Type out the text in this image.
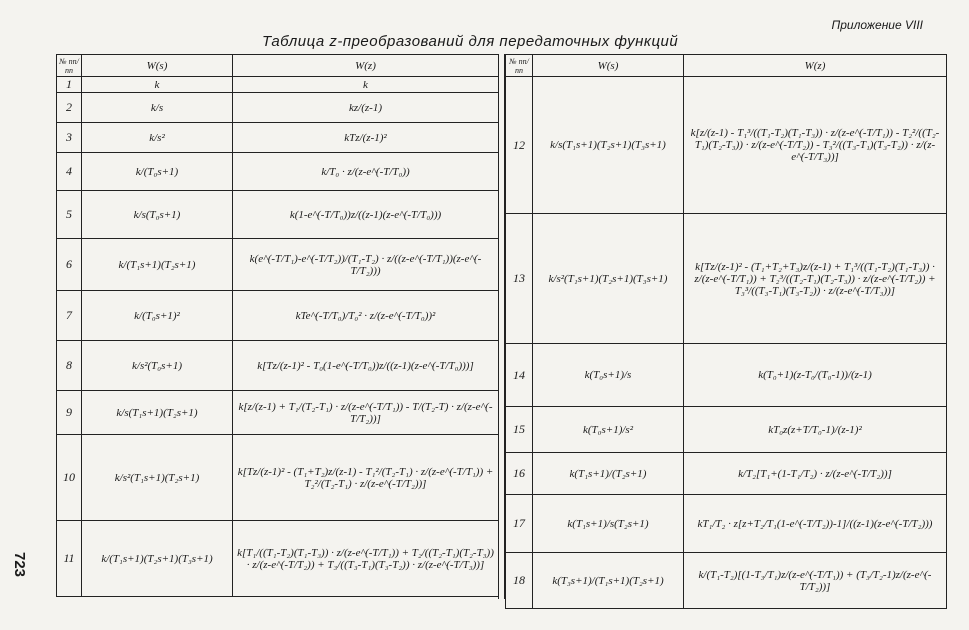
Приложение VIII
Таблица z-преобразований для передаточных функций
723
№ пп/пп	W(s)	W(z)
1	k	k
2	k/s	kz/(z-1)
3	k/s²	kTz/(z-1)²
4	k/(T₀s+1)	k/T₀ · z/(z-e^(-T/T₀))
5	k/s(T₀s+1)	k(1-e^(-T/T₀))z/((z-1)(z-e^(-T/T₀)))
6	k/(T₁s+1)(T₂s+1)	k(e^(-T/T₁)-e^(-T/T₂))/(T₁-T₂) · z/((z-e^(-T/T₁))(z-e^(-T/T₂)))
7	k/(T₀s+1)²	kTe^(-T/T₀)/T₀² · z/(z-e^(-T/T₀))²
8	k/s²(T₀s+1)	k[Tz/(z-1)² - T₀(1-e^(-T/T₀))z/((z-1)(z-e^(-T/T₀)))]
9	k/s(T₁s+1)(T₂s+1)	k[z/(z-1) + T₁/(T₂-T₁) · z/(z-e^(-T/T₁)) - T/(T₂-T) · z/(z-e^(-T/T₂))]
10	k/s²(T₁s+1)(T₂s+1)	k[Tz/(z-1)² - (T₁+T₂)z/(z-1) - T₁²/(T₂-T₁) · z/(z-e^(-T/T₁)) + T₂²/(T₂-T₁) · z/(z-e^(-T/T₂))]
11	k/(T₁s+1)(T₂s+1)(T₃s+1)	k[T₁/((T₁-T₂)(T₁-T₃)) · z/(z-e^(-T/T₁)) + T₂/((T₂-T₁)(T₂-T₃)) · z/(z-e^(-T/T₂)) + T₃/((T₃-T₁)(T₃-T₂)) · z/(z-e^(-T/T₃))]
№ пп/пп	W(s)	W(z)
12	k/s(T₁s+1)(T₂s+1)(T₃s+1)	k[z/(z-1) - T₁³/((T₁-T₂)(T₁-T₃)) · z/(z-e^(-T/T₁)) - T₂²/((T₂-T₁)(T₂-T₃)) · z/(z-e^(-T/T₂)) - T₃²/((T₃-T₁)(T₃-T₂)) · z/(z-e^(-T/T₃))]
13	k/s²(T₁s+1)(T₂s+1)(T₃s+1)	k[Tz/(z-1)² - (T₁+T₂+T₃)z/(z-1) + T₁³/((T₁-T₂)(T₁-T₃)) · z/(z-e^(-T/T₁)) + T₂³/((T₂-T₁)(T₂-T₃)) · z/(z-e^(-T/T₂)) + T₃³/((T₃-T₁)(T₃-T₂)) · z/(z-e^(-T/T₃))]
14	k(T₀s+1)/s	k(T₀+1)(z-T₀/(T₀-1))/(z-1)
15	k(T₀s+1)/s²	kT₀z(z+T/T₀-1)/(z-1)²
16	k(T₁s+1)/(T₂s+1)	k/T₂[T₁+(1-T₁/T₂) · z/(z-e^(-T/T₂))]
17	k(T₁s+1)/s(T₂s+1)	kT₁/T₂ · z[z+T₂/T₁(1-e^(-T/T₂))-1]/((z-1)(z-e^(-T/T₂)))
18	k(T₃s+1)/(T₁s+1)(T₂s+1)	k/(T₁-T₂)[(1-T₃/T₁)z/(z-e^(-T/T₁)) + (T₃/T₂-1)z/(z-e^(-T/T₂))]
